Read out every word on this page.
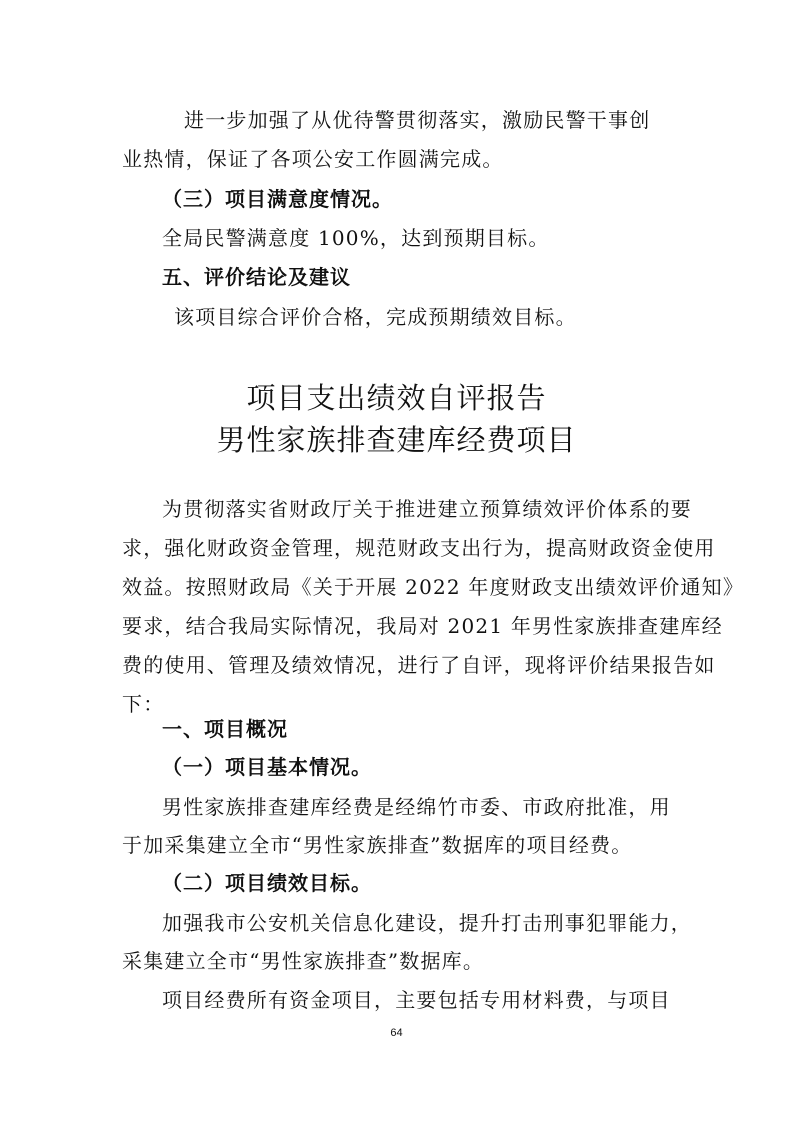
进一步加强了从优待警贯彻落实，激励民警干事创
业热情，保证了各项公安工作圆满完成。
（三）项目满意度情况。
全局民警满意度 100%，达到预期目标。
五、评价结论及建议
该项目综合评价合格，完成预期绩效目标。
项目支出绩效自评报告
男性家族排查建库经费项目
为贯彻落实省财政厅关于推进建立预算绩效评价体系的要
求，强化财政资金管理，规范财政支出行为，提高财政资金使用
效益。按照财政局《关于开展 2022 年度财政支出绩效评价通知》
要求，结合我局实际情况，我局对 2021 年男性家族排查建库经
费的使用、管理及绩效情况，进行了自评，现将评价结果报告如
下：
一、项目概况
（一）项目基本情况。
男性家族排查建库经费是经绵竹市委、市政府批准，用
于加采集建立全市“男性家族排查”数据库的项目经费。
（二）项目绩效目标。
加强我市公安机关信息化建设，提升打击刑事犯罪能力，
采集建立全市“男性家族排查”数据库。
项目经费所有资金项目，主要包括专用材料费，与项目
64
